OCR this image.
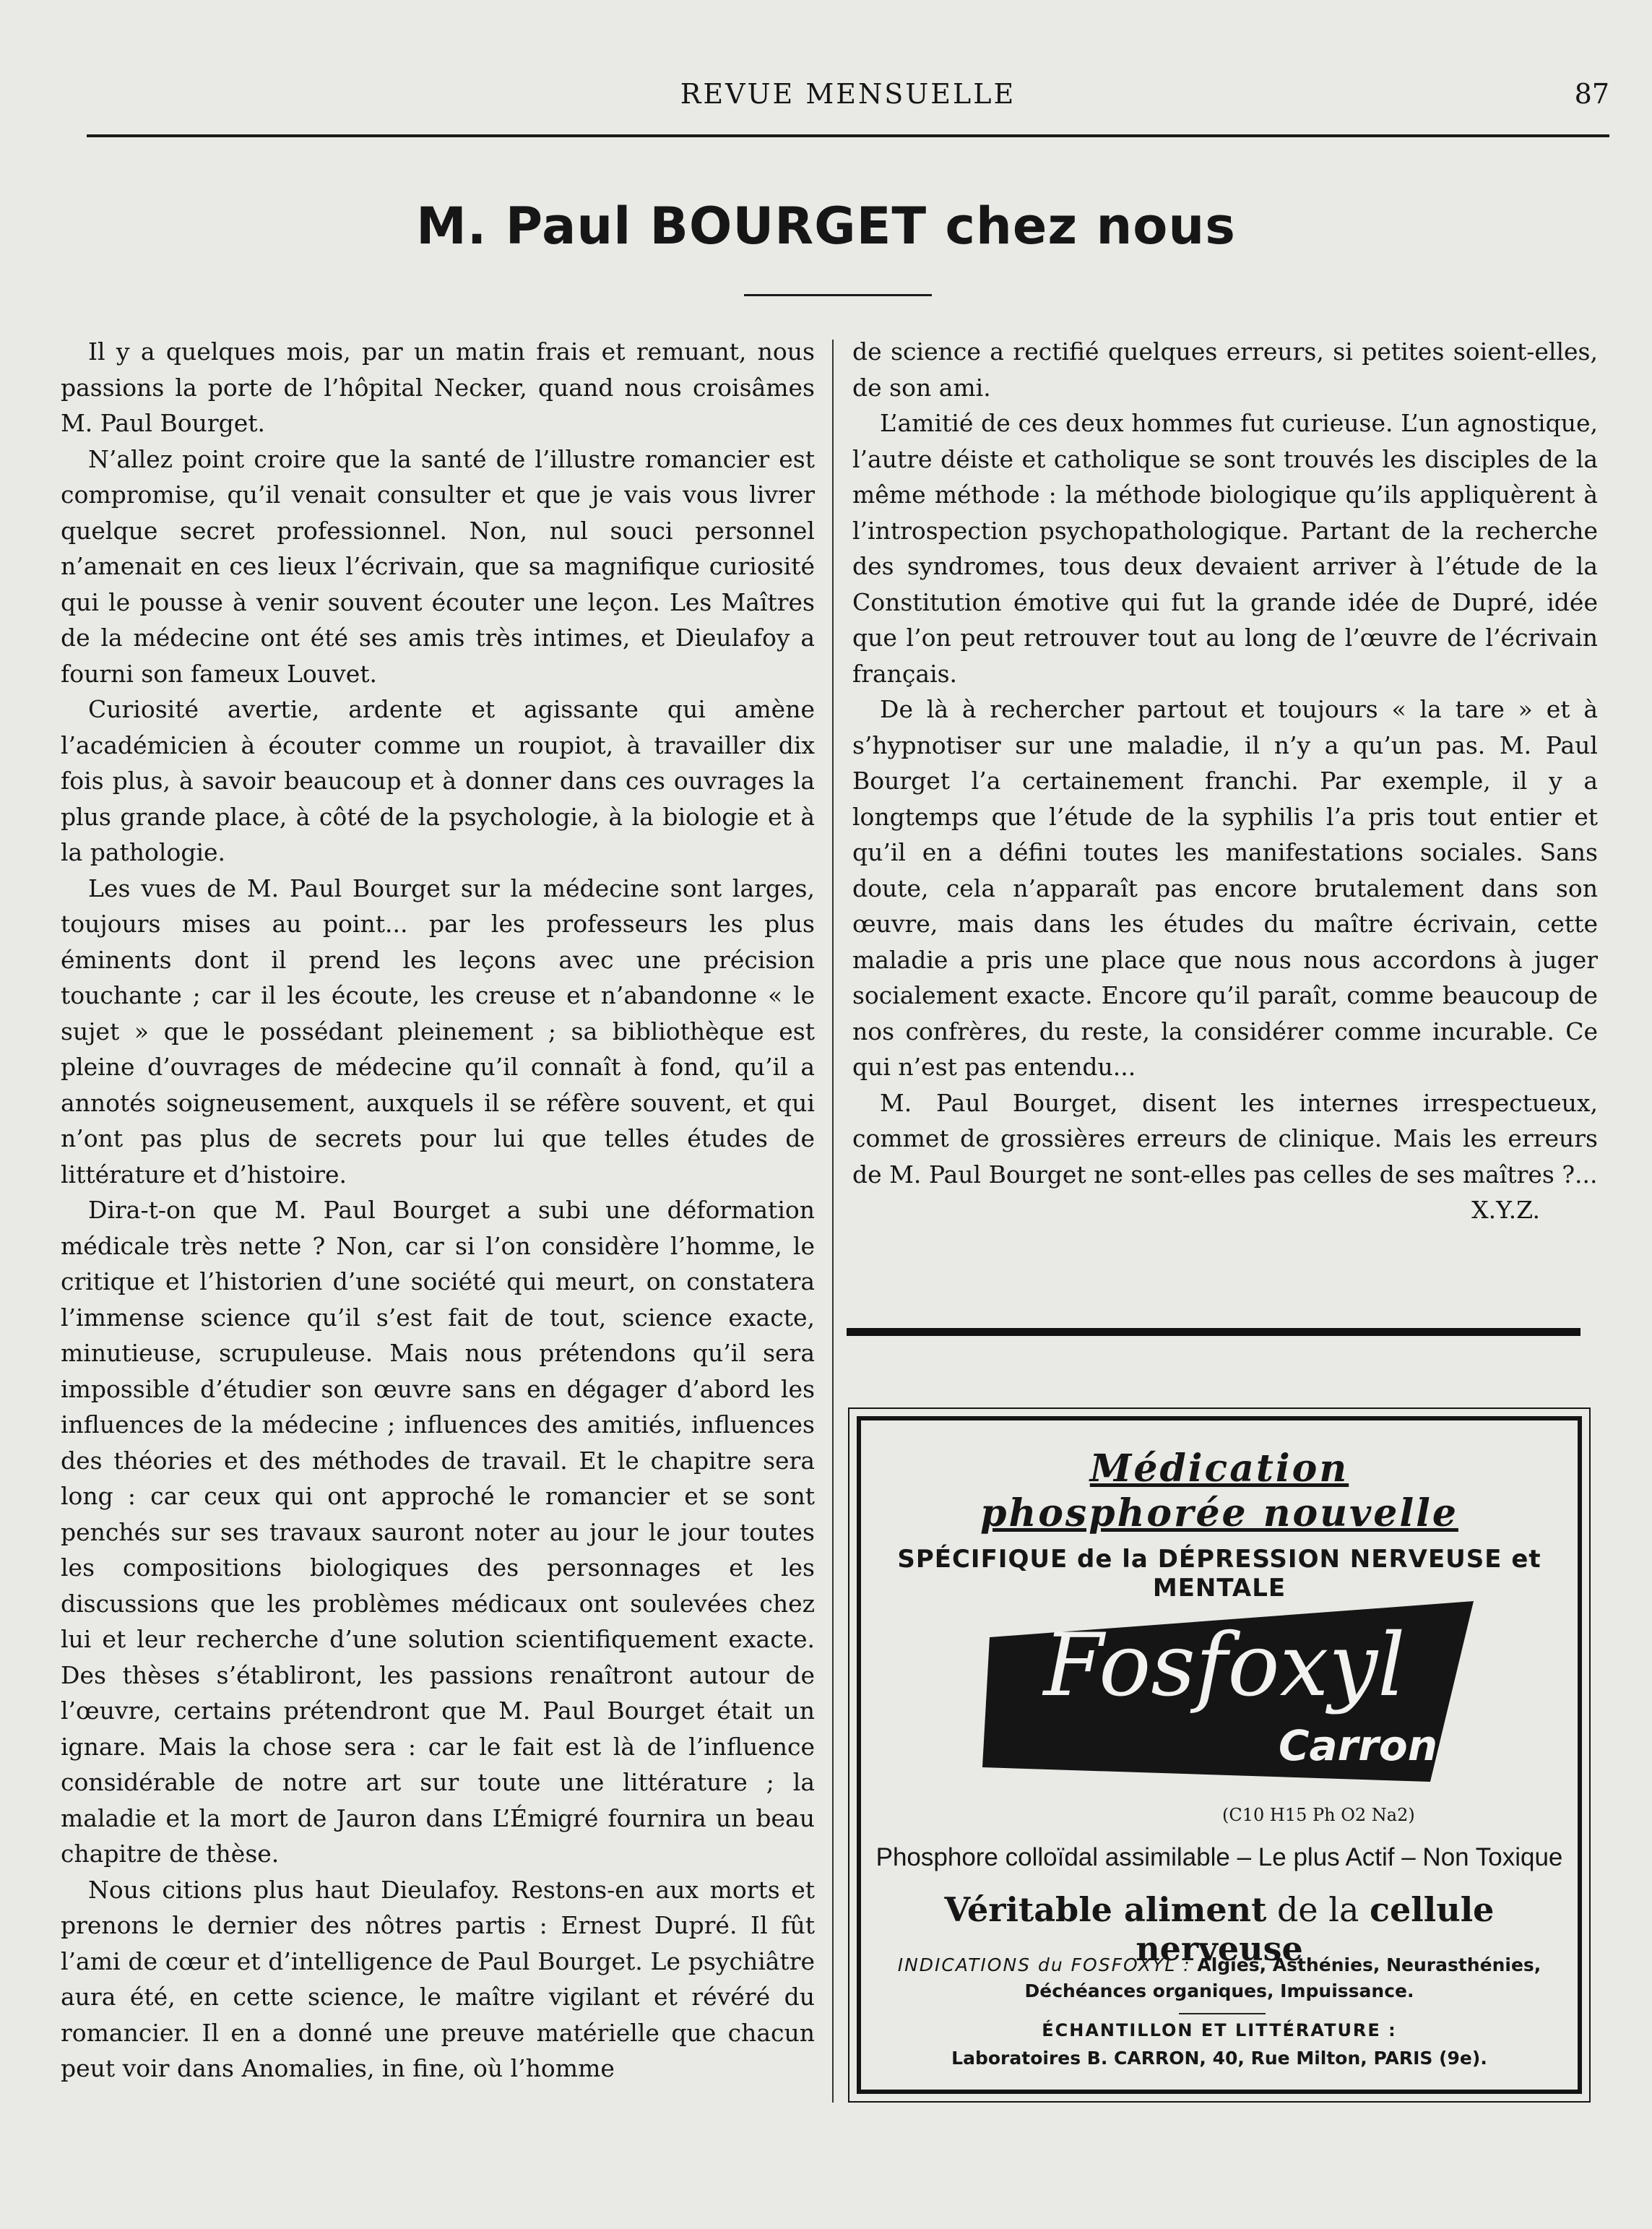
REVUE MENSUELLE	87
M. Paul BOURGET chez nous

Il y a quelques mois, par un matin frais et remuant, nous passions la porte de l’hôpital Necker, quand nous croisâmes M. Paul Bourget.

N’allez point croire que la santé de l’illustre romancier est compromise, qu’il venait consulter et que je vais vous livrer quelque secret professionnel. Non, nul souci personnel n’amenait en ces lieux l’écrivain, que sa magnifique curiosité qui le pousse à venir souvent écouter une leçon. Les Maîtres de la médecine ont été ses amis très intimes, et Dieulafoy a fourni son fameux Louvet.

Curiosité avertie, ardente et agissante qui amène l’académicien à écouter comme un roupiot, à travailler dix fois plus, à savoir beaucoup et à donner dans ces ouvrages la plus grande place, à côté de la psychologie, à la biologie et à la pathologie.

Les vues de M. Paul Bourget sur la médecine sont larges, toujours mises au point... par les professeurs les plus éminents dont il prend les leçons avec une précision touchante ; car il les écoute, les creuse et n’abandonne « le sujet » que le possédant pleinement ; sa bibliothèque est pleine d’ouvrages de médecine qu’il connaît à fond, qu’il a annotés soigneusement, auxquels il se réfère souvent, et qui n’ont pas plus de secrets pour lui que telles études de littérature et d’histoire.

Dira-t-on que M. Paul Bourget a subi une déformation médicale très nette ? Non, car si l’on considère l’homme, le critique et l’historien d’une société qui meurt, on constatera l’immense science qu’il s’est fait de tout, science exacte, minutieuse, scrupuleuse. Mais nous prétendons qu’il sera impossible d’étudier son œuvre sans en dégager d’abord les influences de la médecine ; influences des amitiés, influences des théories et des méthodes de travail. Et le chapitre sera long : car ceux qui ont approché le romancier et se sont penchés sur ses travaux sauront noter au jour le jour toutes les compositions biologiques des personnages et les discussions que les problèmes médicaux ont soulevées chez lui et leur recherche d’une solution scientifiquement exacte. Des thèses s’établiront, les passions renaîtront autour de l’œuvre, certains prétendront que M. Paul Bourget était un ignare. Mais la chose sera : car le fait est là de l’influence considérable de notre art sur toute une littérature ; la maladie et la mort de Jauron dans L’Émigré fournira un beau chapitre de thèse.

Nous citions plus haut Dieulafoy. Restons-en aux morts et prenons le dernier des nôtres partis : Ernest Dupré. Il fût l’ami de cœur et d’intelligence de Paul Bourget. Le psychiâtre aura été, en cette science, le maître vigilant et révéré du romancier. Il en a donné une preuve matérielle que chacun peut voir dans Anomalies, in fine, où l’homme

de science a rectifié quelques erreurs, si petites soient-elles, de son ami.

L’amitié de ces deux hommes fut curieuse. L’un agnostique, l’autre déiste et catholique se sont trouvés les disciples de la même méthode : la méthode biologique qu’ils appliquèrent à l’introspection psychopathologique. Partant de la recherche des syndromes, tous deux devaient arriver à l’étude de la Constitution émotive qui fut la grande idée de Dupré, idée que l’on peut retrouver tout au long de l’œuvre de l’écrivain français.

De là à rechercher partout et toujours « la tare » et à s’hypnotiser sur une maladie, il n’y a qu’un pas. M. Paul Bourget l’a certainement franchi. Par exemple, il y a longtemps que l’étude de la syphilis l’a pris tout entier et qu’il en a défini toutes les manifestations sociales. Sans doute, cela n’apparaît pas encore brutalement dans son œuvre, mais dans les études du maître écrivain, cette maladie a pris une place que nous nous accordons à juger socialement exacte. Encore qu’il paraît, comme beaucoup de nos confrères, du reste, la considérer comme incurable. Ce qui n’est pas entendu...

M. Paul Bourget, disent les internes irrespectueux, commet de grossières erreurs de clinique. Mais les erreurs de M. Paul Bourget ne sont-elles pas celles de ses maîtres ?...

X.Y.Z.

Médication
phosphorée nouvelle
SPÉCIFIQUE de la DÉPRESSION NERVEUSE et MENTALE
Fosfoxyl
Carron
(C10 H15 Ph O2 Na2)
Phosphore colloïdal assimilable – Le plus Actif – Non Toxique
Véritable aliment de la cellule nerveuse
INDICATIONS du FOSFOXYL : Algies, Asthénies, Neurasthénies, Déchéances organiques, Impuissance.
ÉCHANTILLON ET LITTÉRATURE :
Laboratoires B. CARRON, 40, Rue Milton, PARIS (9e).
